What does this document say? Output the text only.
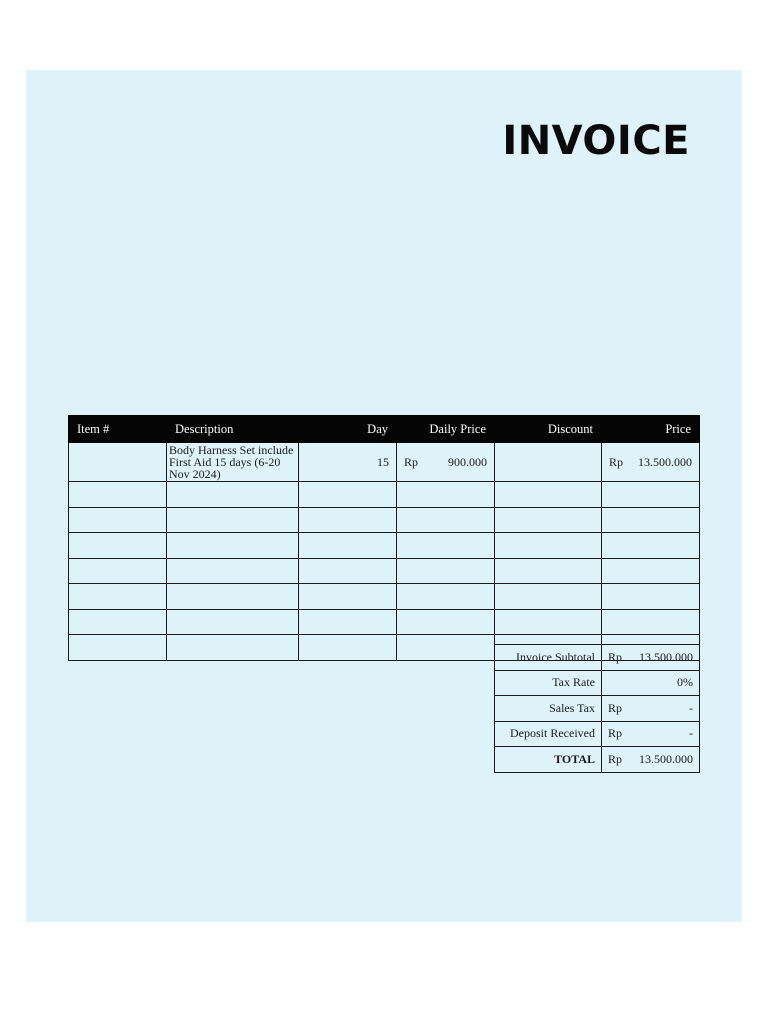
INVOICE
Item #	Description	Day	Daily Price	Discount	Price
	Body Harness Set include First Aid 15 days (6-20 Nov 2024)	15	Rp 900.000		Rp 13.500.000

Invoice Subtotal	Rp 13.500.000

Tax Rate	0%
Sales Tax	Rp -

Deposit Received	Rp -

TOTAL	Rp 13.500.000
